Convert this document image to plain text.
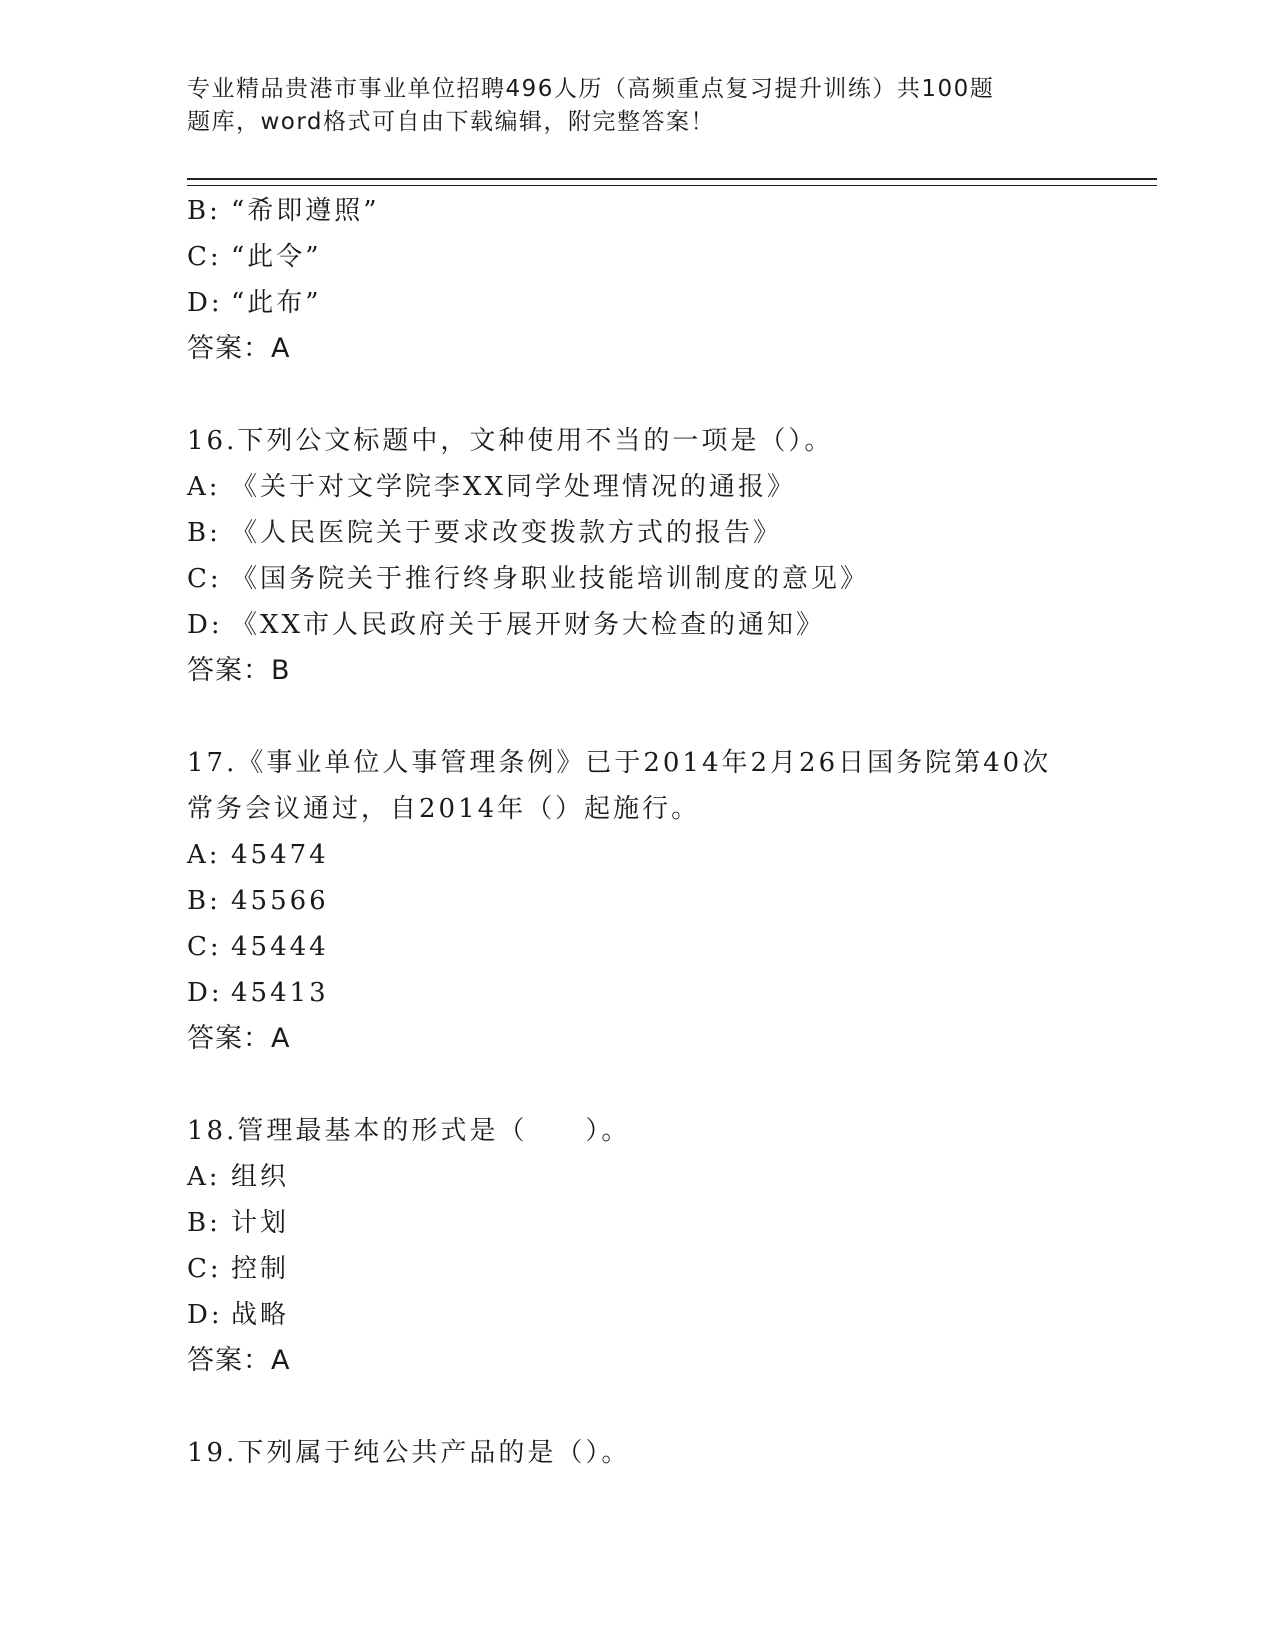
专业精品贵港市事业单位招聘496人历（高频重点复习提升训练）共100题
题库，word格式可自由下载编辑，附完整答案！
B: “希即遵照”
C: “此令”
D: “此布”
答案：A
16.下列公文标题中，文种使用不当的一项是（）。
A: 《关于对文学院李XX同学处理情况的通报》
B: 《人民医院关于要求改变拨款方式的报告》
C: 《国务院关于推行终身职业技能培训制度的意见》
D: 《XX市人民政府关于展开财务大检查的通知》
答案：B
17.《事业单位人事管理条例》已于2014年2月26日国务院第40次
常务会议通过，自2014年（）起施行。
A: 45474
B: 45566
C: 45444
D: 45413
答案：A
18.管理最基本的形式是（　　）。
A: 组织
B: 计划
C: 控制
D: 战略
答案：A
19.下列属于纯公共产品的是（）。
